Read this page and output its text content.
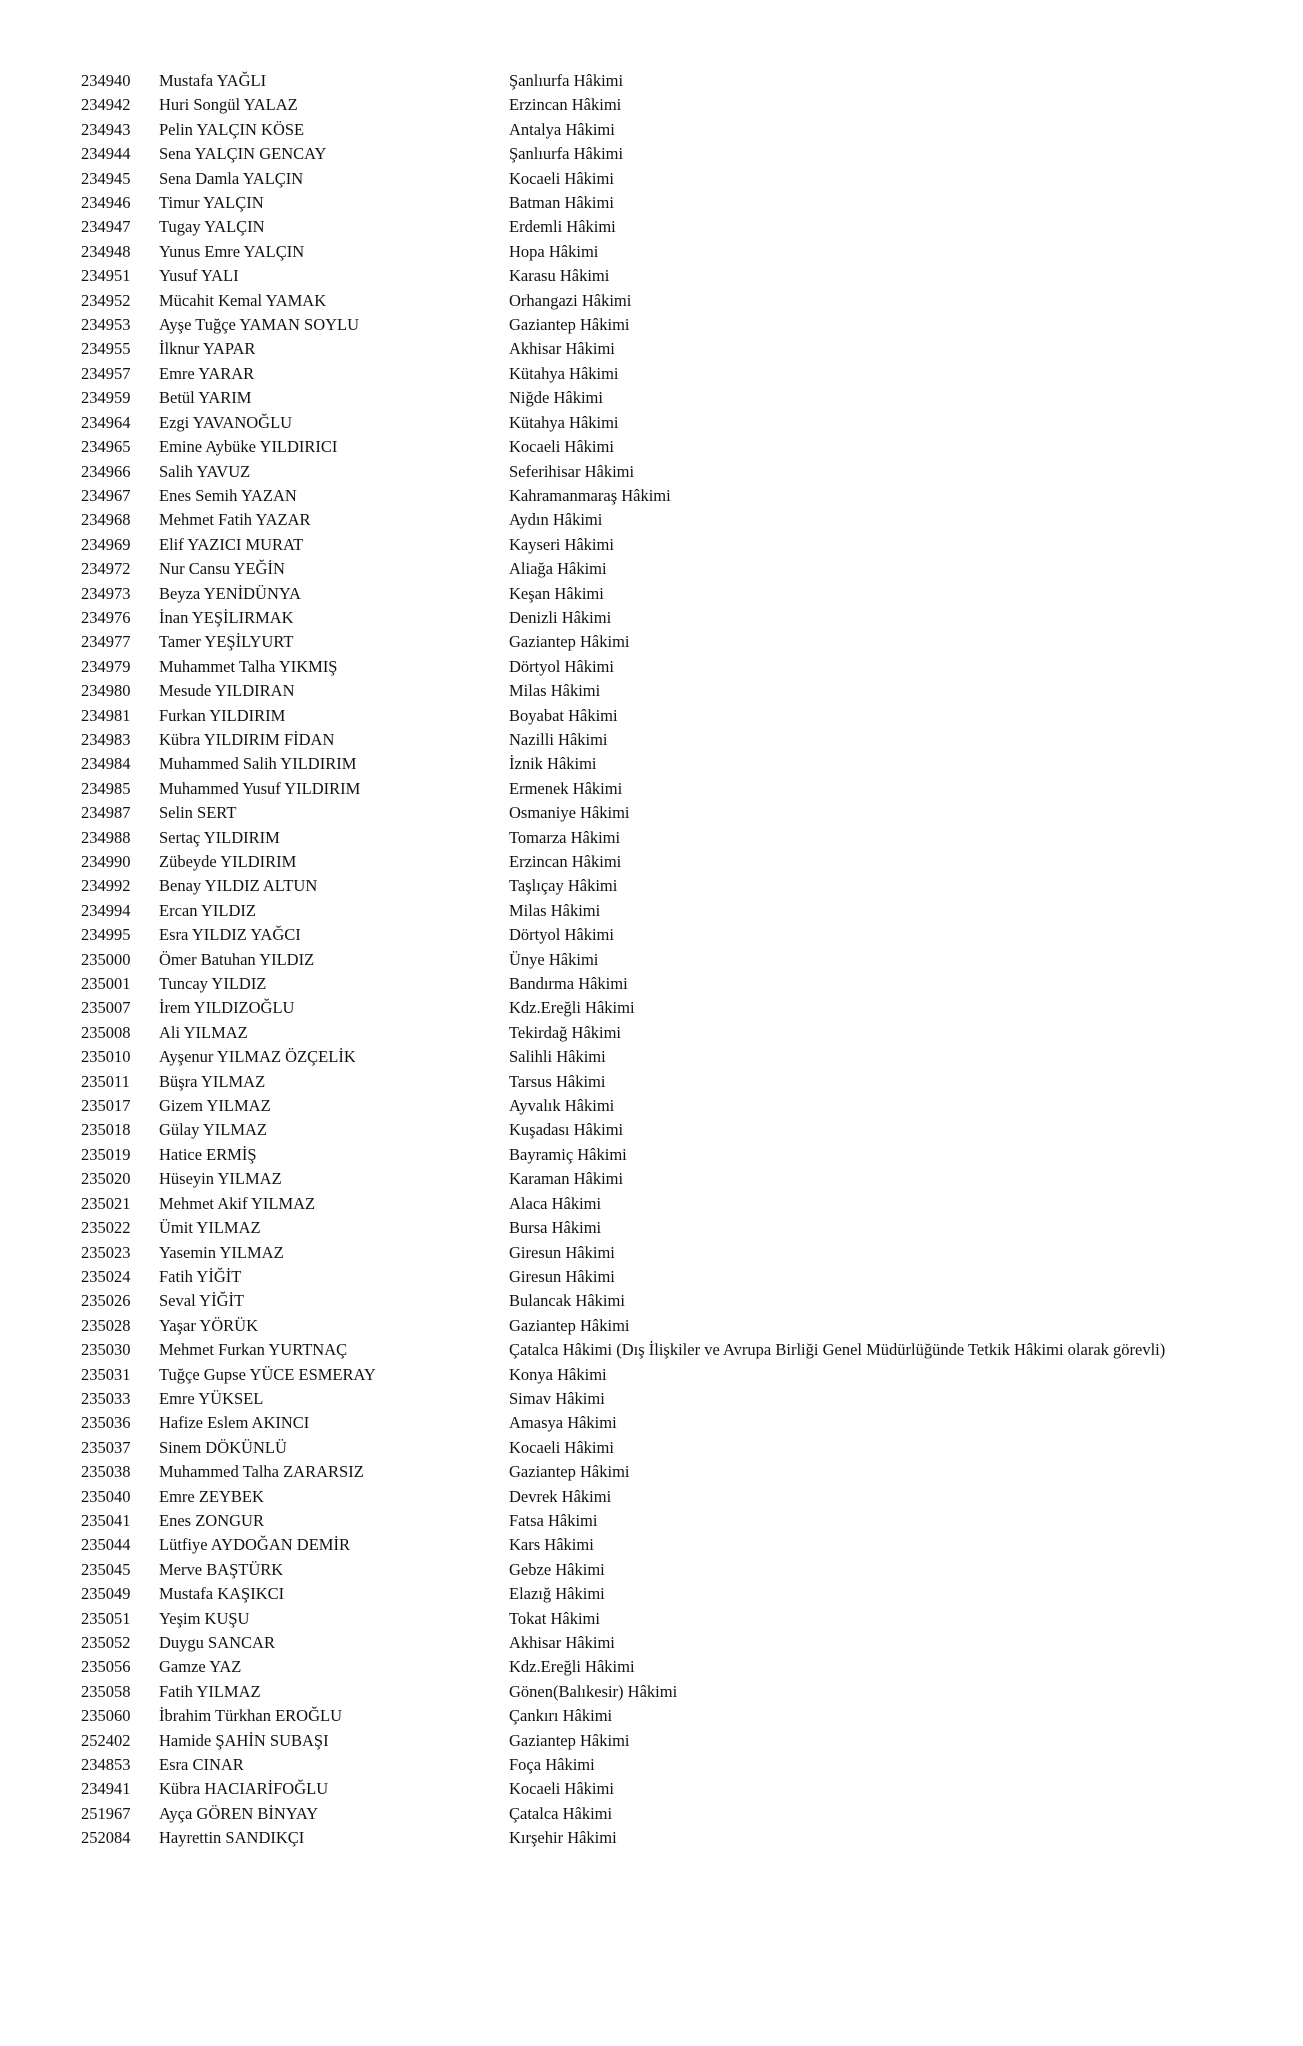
234940 Mustafa YAĞLI	Şanlıurfa Hâkimi
234942 Huri Songül YALAZ	Erzincan Hâkimi
234943 Pelin YALÇIN KÖSE	Antalya Hâkimi
234944 Sena YALÇIN GENCAY	Şanlıurfa Hâkimi
234945 Sena Damla YALÇIN	Kocaeli Hâkimi
234946 Timur YALÇIN	Batman Hâkimi
234947 Tugay YALÇIN	Erdemli Hâkimi
234948 Yunus Emre YALÇIN	Hopa Hâkimi
234951 Yusuf YALI	Karasu Hâkimi
234952 Mücahit Kemal YAMAK	Orhangazi Hâkimi
234953 Ayşe Tuğçe YAMAN SOYLU	Gaziantep Hâkimi
234955 İlknur YAPAR	Akhisar Hâkimi
234957 Emre YARAR	Kütahya Hâkimi
234959 Betül YARIM	Niğde Hâkimi
234964 Ezgi YAVANOĞLU	Kütahya Hâkimi
234965 Emine Aybüke YILDIRICI	Kocaeli Hâkimi
234966 Salih YAVUZ	Seferihisar Hâkimi
234967 Enes Semih YAZAN	Kahramanmaraş Hâkimi
234968 Mehmet Fatih YAZAR	Aydın Hâkimi
234969 Elif YAZICI MURAT	Kayseri Hâkimi
234972 Nur Cansu YEĞİN	Aliağa Hâkimi
234973 Beyza YENİDÜNYA	Keşan Hâkimi
234976 İnan YEŞİLIRMAK	Denizli Hâkimi
234977 Tamer YEŞİLYURT	Gaziantep Hâkimi
234979 Muhammet Talha YIKMIŞ	Dörtyol Hâkimi
234980 Mesude YILDIRAN	Milas Hâkimi
234981 Furkan YILDIRIM	Boyabat Hâkimi
234983 Kübra YILDIRIM FİDAN	Nazilli Hâkimi
234984 Muhammed Salih YILDIRIM	İznik Hâkimi
234985 Muhammed Yusuf YILDIRIM	Ermenek Hâkimi
234987 Selin SERT	Osmaniye Hâkimi
234988 Sertaç YILDIRIM	Tomarza Hâkimi
234990 Zübeyde YILDIRIM	Erzincan Hâkimi
234992 Benay YILDIZ ALTUN	Taşlıçay Hâkimi
234994 Ercan YILDIZ	Milas Hâkimi
234995 Esra YILDIZ YAĞCI	Dörtyol Hâkimi
235000 Ömer Batuhan YILDIZ	Ünye Hâkimi
235001 Tuncay YILDIZ	Bandırma Hâkimi
235007 İrem YILDIZOĞLU	Kdz.Ereğli Hâkimi
235008 Ali YILMAZ	Tekirdağ Hâkimi
235010 Ayşenur YILMAZ ÖZÇELİK	Salihli Hâkimi
235011 Büşra YILMAZ	Tarsus Hâkimi
235017 Gizem YILMAZ	Ayvalık Hâkimi
235018 Gülay YILMAZ	Kuşadası Hâkimi
235019 Hatice ERMİŞ	Bayramiç Hâkimi
235020 Hüseyin YILMAZ	Karaman Hâkimi
235021 Mehmet Akif YILMAZ	Alaca Hâkimi
235022 Ümit YILMAZ	Bursa Hâkimi
235023 Yasemin YILMAZ	Giresun Hâkimi
235024 Fatih YİĞİT	Giresun Hâkimi
235026 Seval YİĞİT	Bulancak Hâkimi
235028 Yaşar YÖRÜK	Gaziantep Hâkimi
235030 Mehmet Furkan YURTNAÇ	Çatalca Hâkimi (Dış İlişkiler ve Avrupa Birliği Genel Müdürlüğünde Tetkik Hâkimi olarak görevli)
235031 Tuğçe Gupse YÜCE ESMERAY	Konya Hâkimi
235033 Emre YÜKSEL	Simav Hâkimi
235036 Hafize Eslem AKINCI	Amasya Hâkimi
235037 Sinem DÖKÜNLÜ	Kocaeli Hâkimi
235038 Muhammed Talha ZARARSIZ	Gaziantep Hâkimi
235040 Emre ZEYBEK	Devrek Hâkimi
235041 Enes ZONGUR	Fatsa Hâkimi
235044 Lütfiye AYDOĞAN DEMİR	Kars Hâkimi
235045 Merve BAŞTÜRK	Gebze Hâkimi
235049 Mustafa KAŞIKCI	Elazığ Hâkimi
235051 Yeşim KUŞU	Tokat Hâkimi
235052 Duygu SANCAR	Akhisar Hâkimi
235056 Gamze YAZ	Kdz.Ereğli Hâkimi
235058 Fatih YILMAZ	Gönen(Balıkesir) Hâkimi
235060 İbrahim Türkhan EROĞLU	Çankırı Hâkimi
252402 Hamide ŞAHİN SUBAŞI	Gaziantep Hâkimi
234853 Esra CINAR	Foça Hâkimi
234941 Kübra HACIARİFOĞLU	Kocaeli Hâkimi
251967 Ayça GÖREN BİNYAY	Çatalca Hâkimi
252084 Hayrettin SANDIKÇI	Kırşehir Hâkimi
